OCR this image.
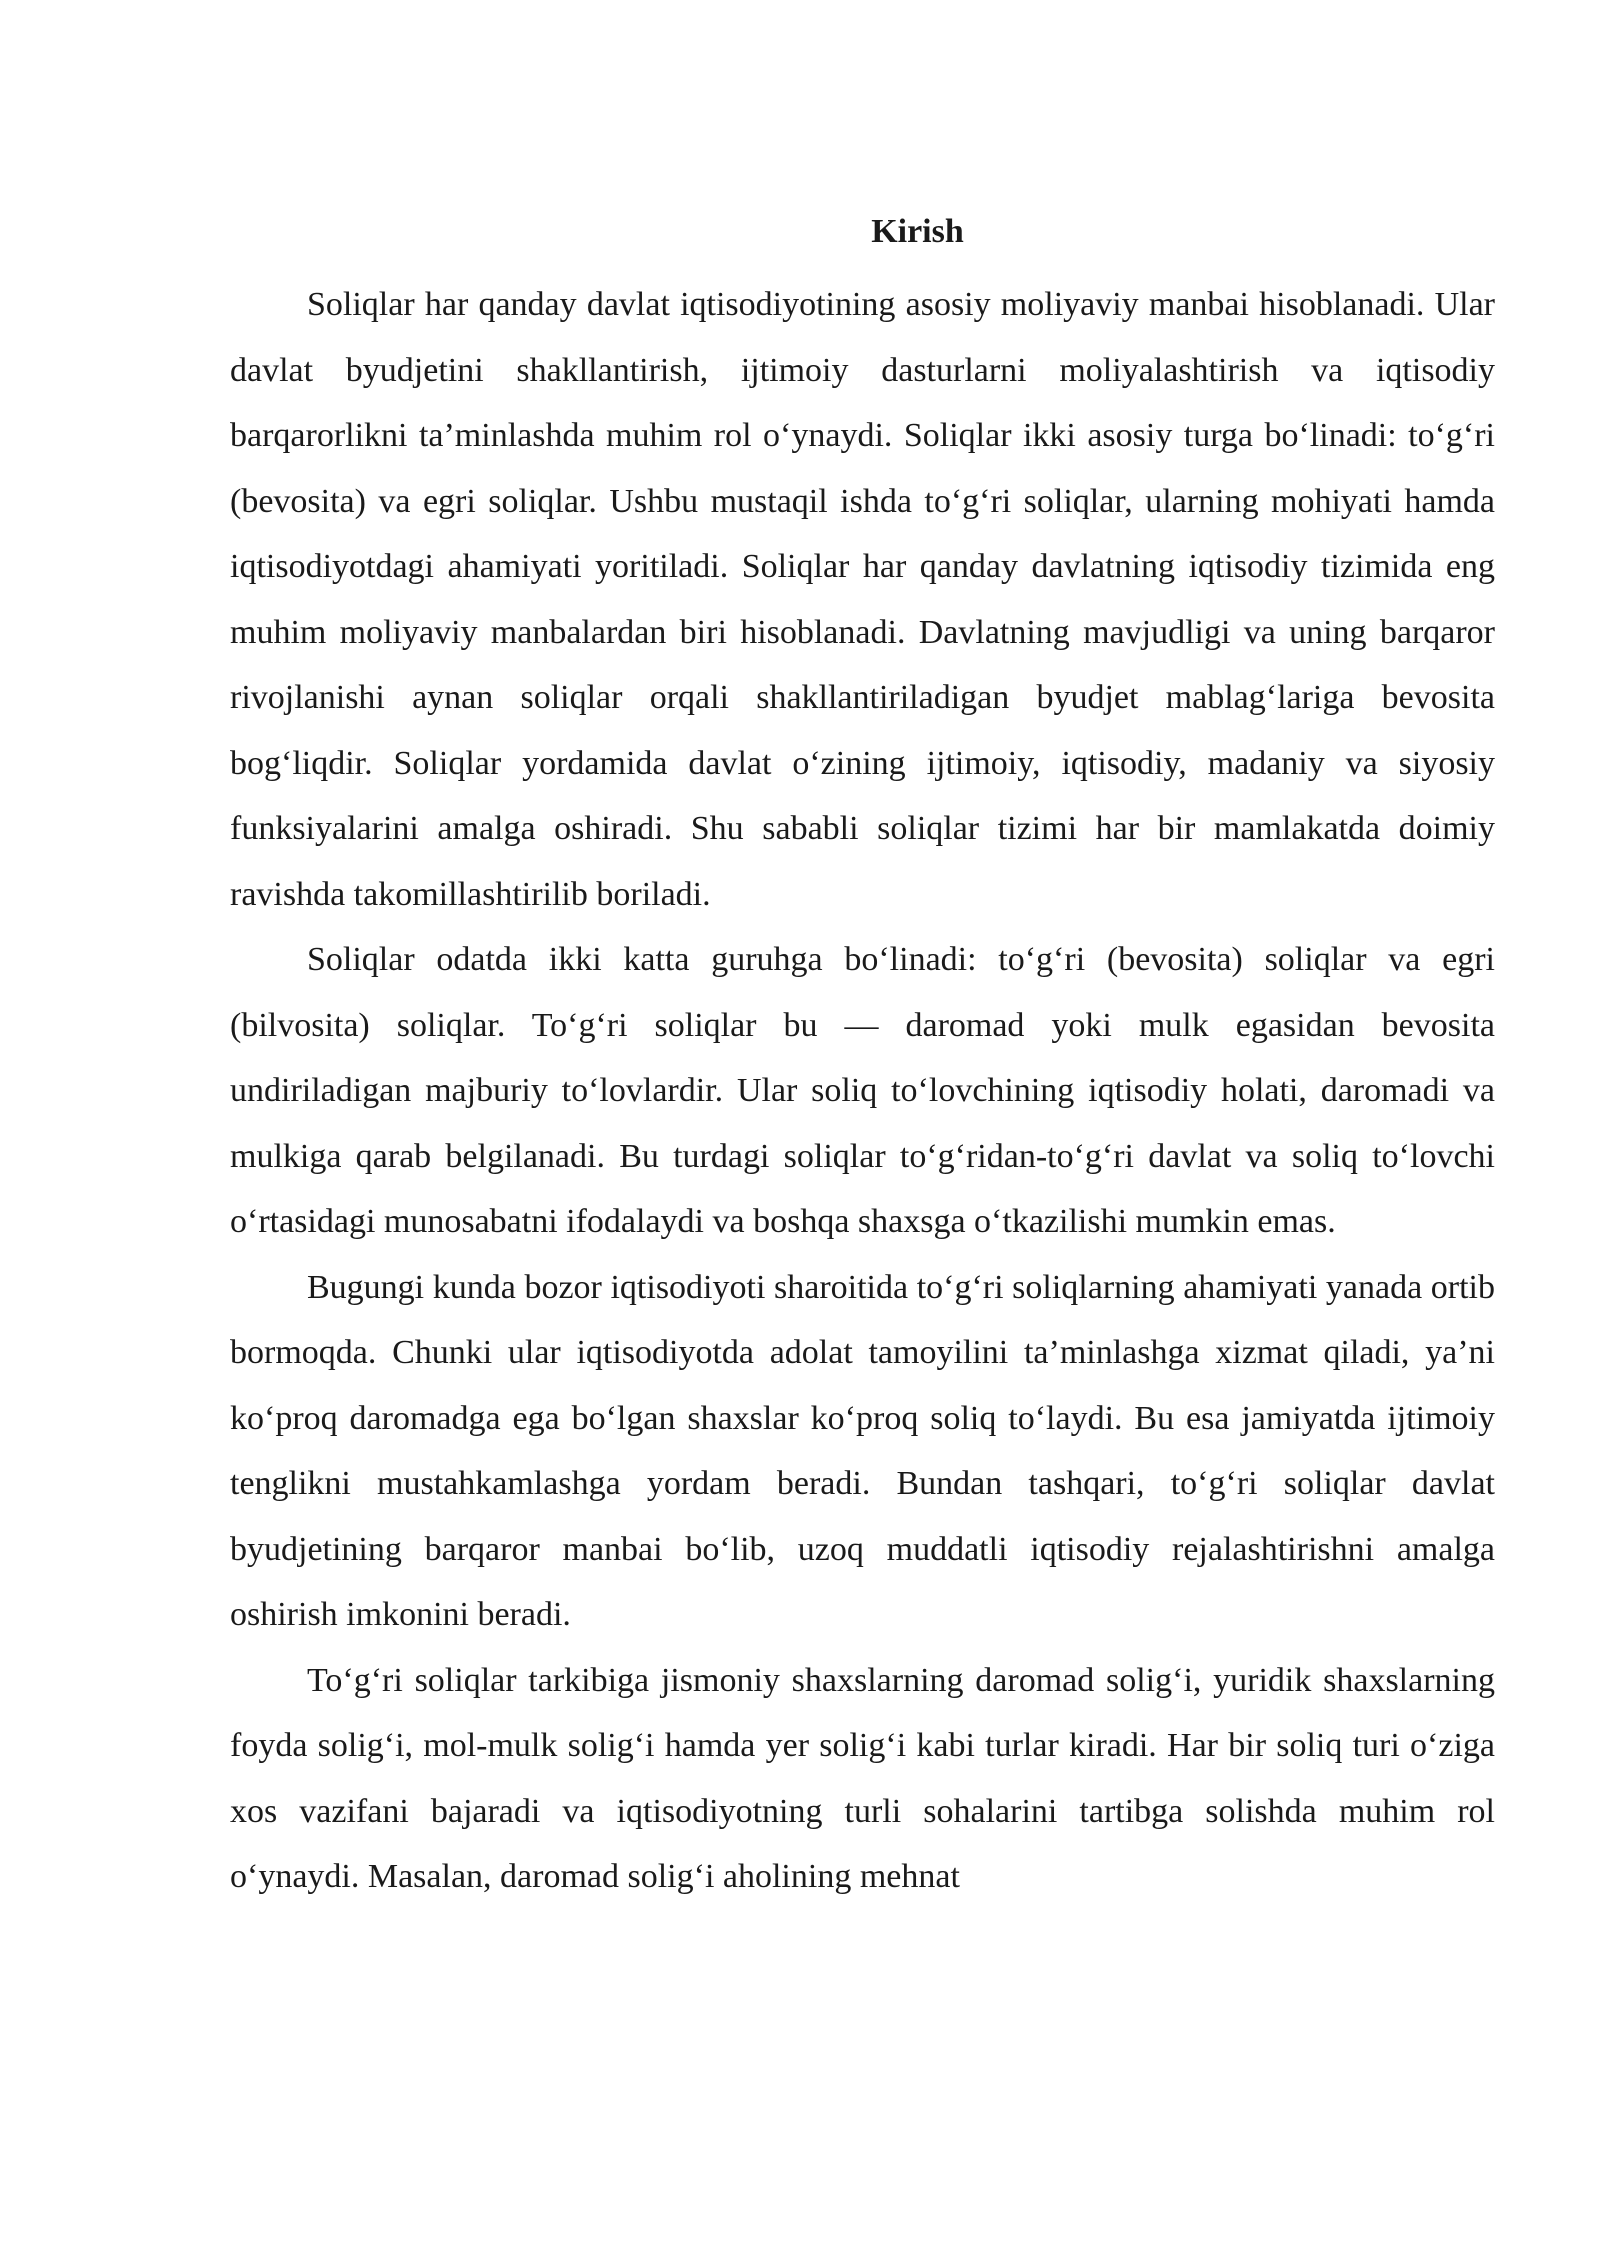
Kirish

Soliqlar har qanday davlat iqtisodiyotining asosiy moliyaviy manbai hisoblanadi. Ular davlat byudjetini shakllantirish, ijtimoiy dasturlarni moliyalashtirish va iqtisodiy barqarorlikni ta’minlashda muhim rol o‘ynaydi. Soliqlar ikki asosiy turga bo‘linadi: to‘g‘ri (bevosita) va egri soliqlar. Ushbu mustaqil ishda to‘g‘ri soliqlar, ularning mohiyati hamda iqtisodiyotdagi ahamiyati yoritiladi. Soliqlar har qanday davlatning iqtisodiy tizimida eng muhim moliyaviy manbalardan biri hisoblanadi. Davlatning mavjudligi va uning barqaror rivojlanishi aynan soliqlar orqali shakllantiriladigan byudjet mablag‘lariga bevosita bog‘liqdir. Soliqlar yordamida davlat o‘zining ijtimoiy, iqtisodiy, madaniy va siyosiy funksiyalarini amalga oshiradi. Shu sababli soliqlar tizimi har bir mamlakatda doimiy ravishda takomillashtirilib boriladi.

Soliqlar odatda ikki katta guruhga bo‘linadi: to‘g‘ri (bevosita) soliqlar va egri (bilvosita) soliqlar. To‘g‘ri soliqlar bu — daromad yoki mulk egasidan bevosita undiriladigan majburiy to‘lovlardir. Ular soliq to‘lovchining iqtisodiy holati, daromadi va mulkiga qarab belgilanadi. Bu turdagi soliqlar to‘g‘ridan-to‘g‘ri davlat va soliq to‘lovchi o‘rtasidagi munosabatni ifodalaydi va boshqa shaxsga o‘tkazilishi mumkin emas.

Bugungi kunda bozor iqtisodiyoti sharoitida to‘g‘ri soliqlarning ahamiyati yanada ortib bormoqda. Chunki ular iqtisodiyotda adolat tamoyilini ta’minlashga xizmat qiladi, ya’ni ko‘proq daromadga ega bo‘lgan shaxslar ko‘proq soliq to‘laydi. Bu esa jamiyatda ijtimoiy tenglikni mustahkamlashga yordam beradi. Bundan tashqari, to‘g‘ri soliqlar davlat byudjetining barqaror manbai bo‘lib, uzoq muddatli iqtisodiy rejalashtirishni amalga oshirish imkonini beradi.

To‘g‘ri soliqlar tarkibiga jismoniy shaxslarning daromad solig‘i, yuridik shaxslarning foyda solig‘i, mol-mulk solig‘i hamda yer solig‘i kabi turlar kiradi. Har bir soliq turi o‘ziga xos vazifani bajaradi va iqtisodiyotning turli sohalarini tartibga solishda muhim rol o‘ynaydi. Masalan, daromad solig‘i aholining mehnat
